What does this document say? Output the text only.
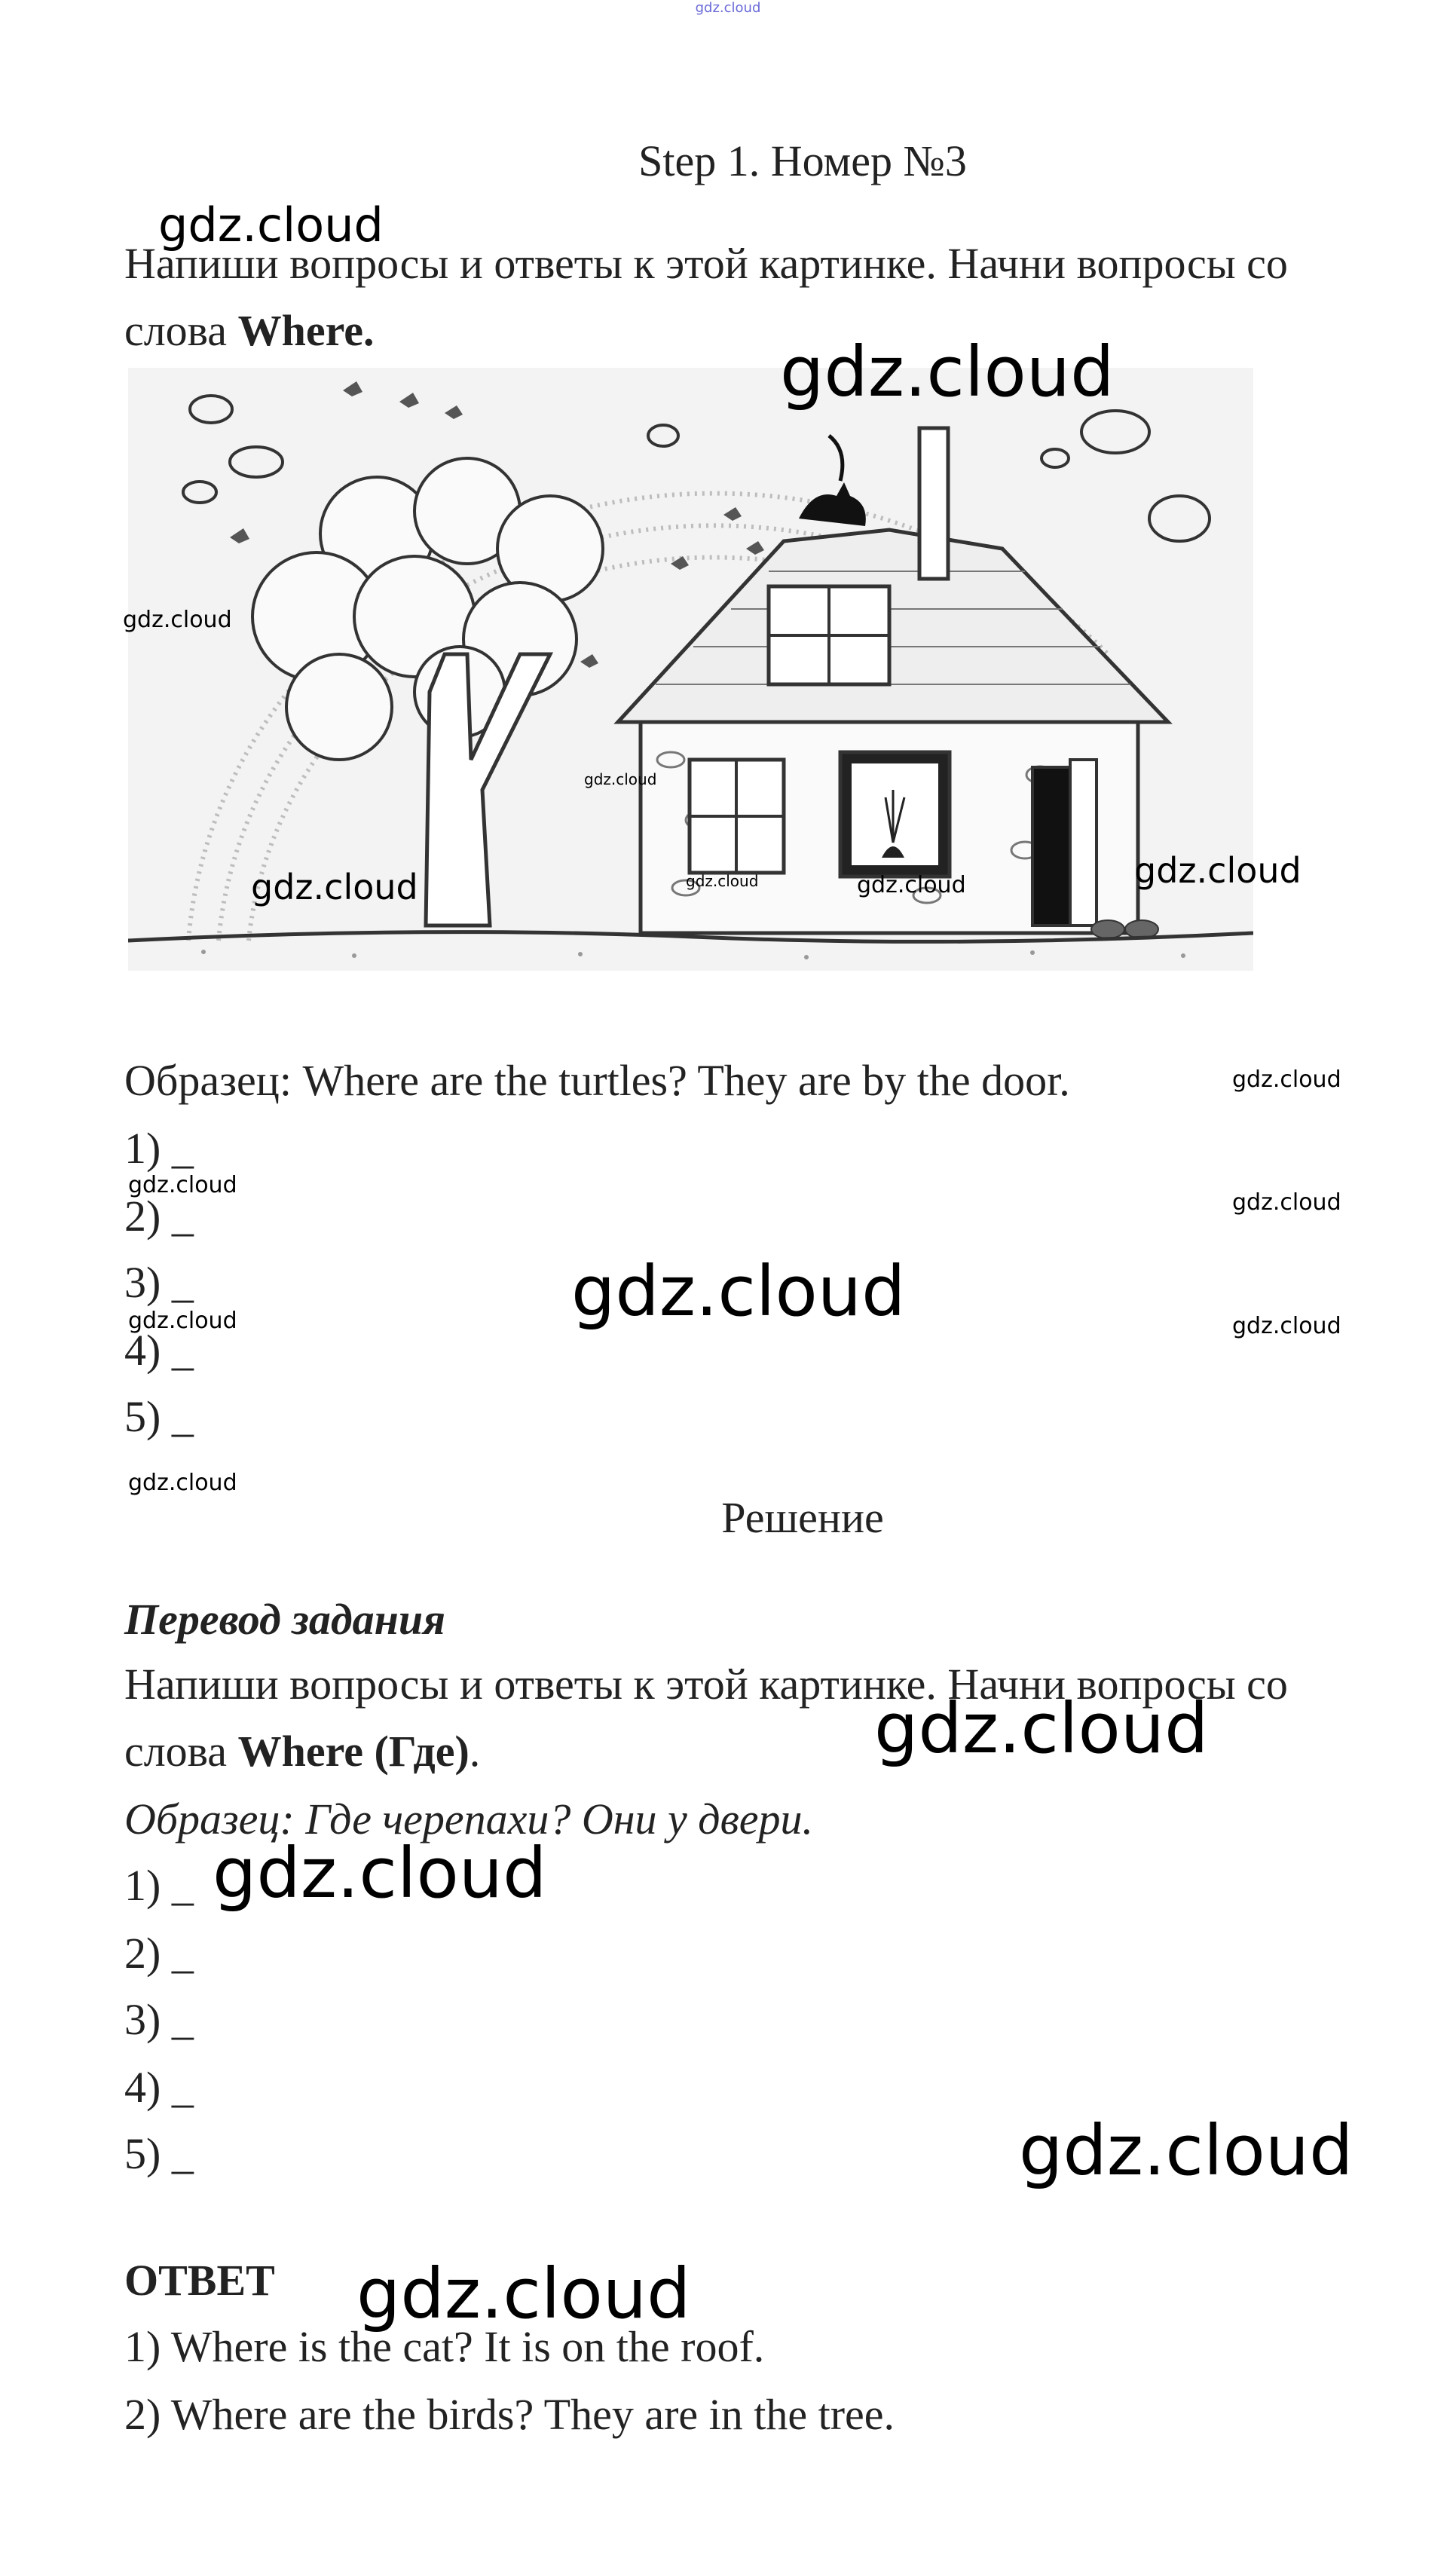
gdz.cloud
Step 1. Номер №3
Напиши вопросы и ответы к этой картинке. Начни вопросы со слова Where.
Образец: Where are the turtles? They are by the door.
1) _
2) _
3) _
4) _
5) _
Решение
Перевод задания
Напиши вопросы и ответы к этой картинке. Начни вопросы со слова Where (Где).
Образец: Где черепахи? Они у двери.
1) _
2) _
3) _
4) _
5) _
ОТВЕТ
1) Where is the cat? It is on the roof.
2) Where are the birds? They are in the tree.
gdz.cloud
gdz.cloud
gdz.cloud
gdz.cloud
gdz.cloud	gdz.cloud	gdz.cloud	gdz.cloud
gdz.cloud
gdz.cloud
gdz.cloud
gdz.cloud
gdz.cloud	gdz.cloud
gdz.cloud
gdz.cloud
gdz.cloud
gdz.cloud
gdz.cloud
